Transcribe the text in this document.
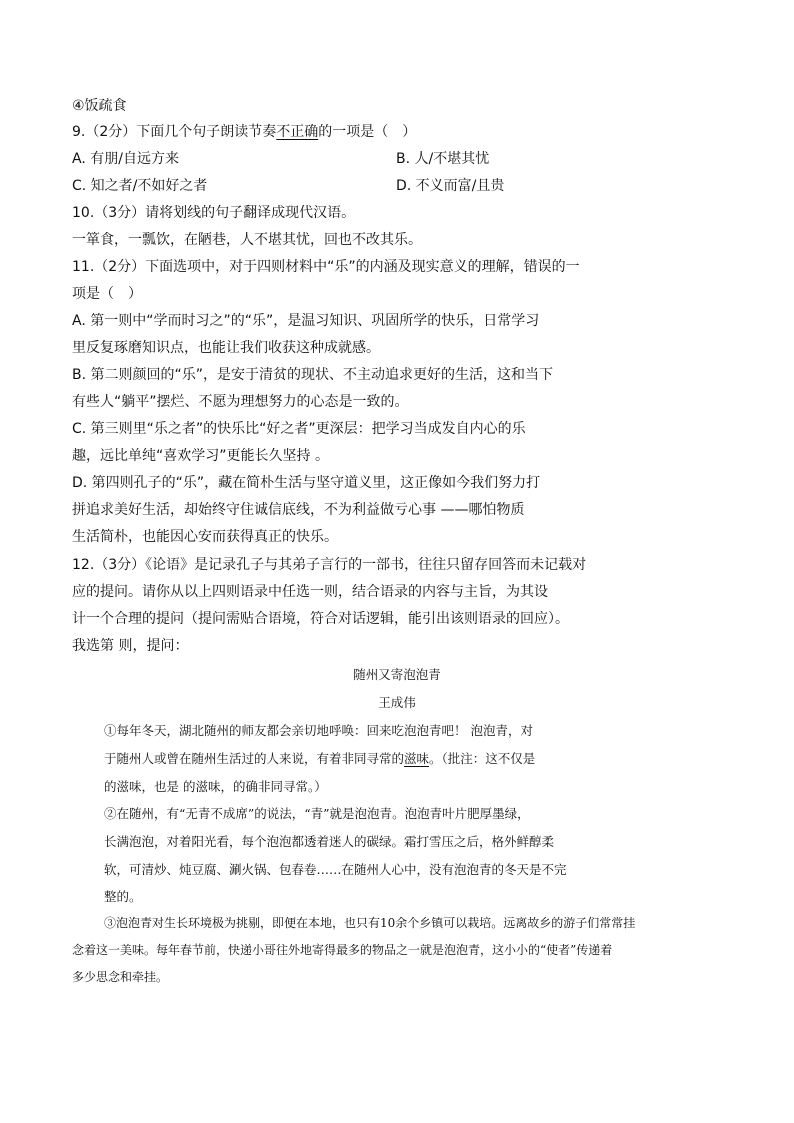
④饭疏食
9.（2分）下面几个句子朗读节奏不正确的一项是（　）
A. 有朋/自远方来	B. 人/不堪其忧
C. 知之者/不如好之者	D. 不义而富/且贵
10.（3分）请将划线的句子翻译成现代汉语。
一箪食，一瓢饮，在陋巷，人不堪其忧，回也不改其乐。
11.（2分）下面选项中，对于四则材料中“乐”的内涵及现实意义的理解，错误的一
项是（　）
A. 第一则中“学而时习之”的“乐”，是温习知识、巩固所学的快乐，日常学习
里反复琢磨知识点，也能让我们收获这种成就感。
B. 第二则颜回的“乐”，是安于清贫的现状、不主动追求更好的生活，这和当下
有些人“躺平”摆烂、不愿为理想努力的心态是一致的。
C. 第三则里“乐之者”的快乐比“好之者”更深层：把学习当成发自内心的乐
趣，远比单纯“喜欢学习”更能长久坚持 。
D. 第四则孔子的“乐”，藏在简朴生活与坚守道义里，这正像如今我们努力打
拼追求美好生活，却始终守住诚信底线，不为利益做亏心事 ——哪怕物质
生活简朴，也能因心安而获得真正的快乐。
12.（3分）《论语》是记录孔子与其弟子言行的一部书，往往只留存回答而未记载对
应的提问。请你从以上四则语录中任选一则，结合语录的内容与主旨，为其设
计一个合理的提问（提问需贴合语境，符合对话逻辑，能引出该则语录的回应）。
我选第 则，提问：
随州又寄泡泡青
王成伟
①每年冬天，湖北随州的师友都会亲切地呼唤：回来吃泡泡青吧！ 泡泡青，对
于随州人或曾在随州生活过的人来说，有着非同寻常的滋味。（批注：这不仅是
的滋味，也是 的滋味，的确非同寻常。）
②在随州，有“无青不成席”的说法，“青”就是泡泡青。泡泡青叶片肥厚墨绿，
长满泡泡，对着阳光看，每个泡泡都透着迷人的碳绿。霜打雪压之后，格外鲜醇柔
软，可清炒、炖豆腐、涮火锅、包春卷……在随州人心中，没有泡泡青的冬天是不完
整的。
③泡泡青对生长环境极为挑剔，即便在本地，也只有10余个乡镇可以栽培。远离故乡的游子们常常挂
念着这一美味。每年春节前，快递小哥往外地寄得最多的物品之一就是泡泡青，这小小的“使者”传递着
多少思念和牵挂。
